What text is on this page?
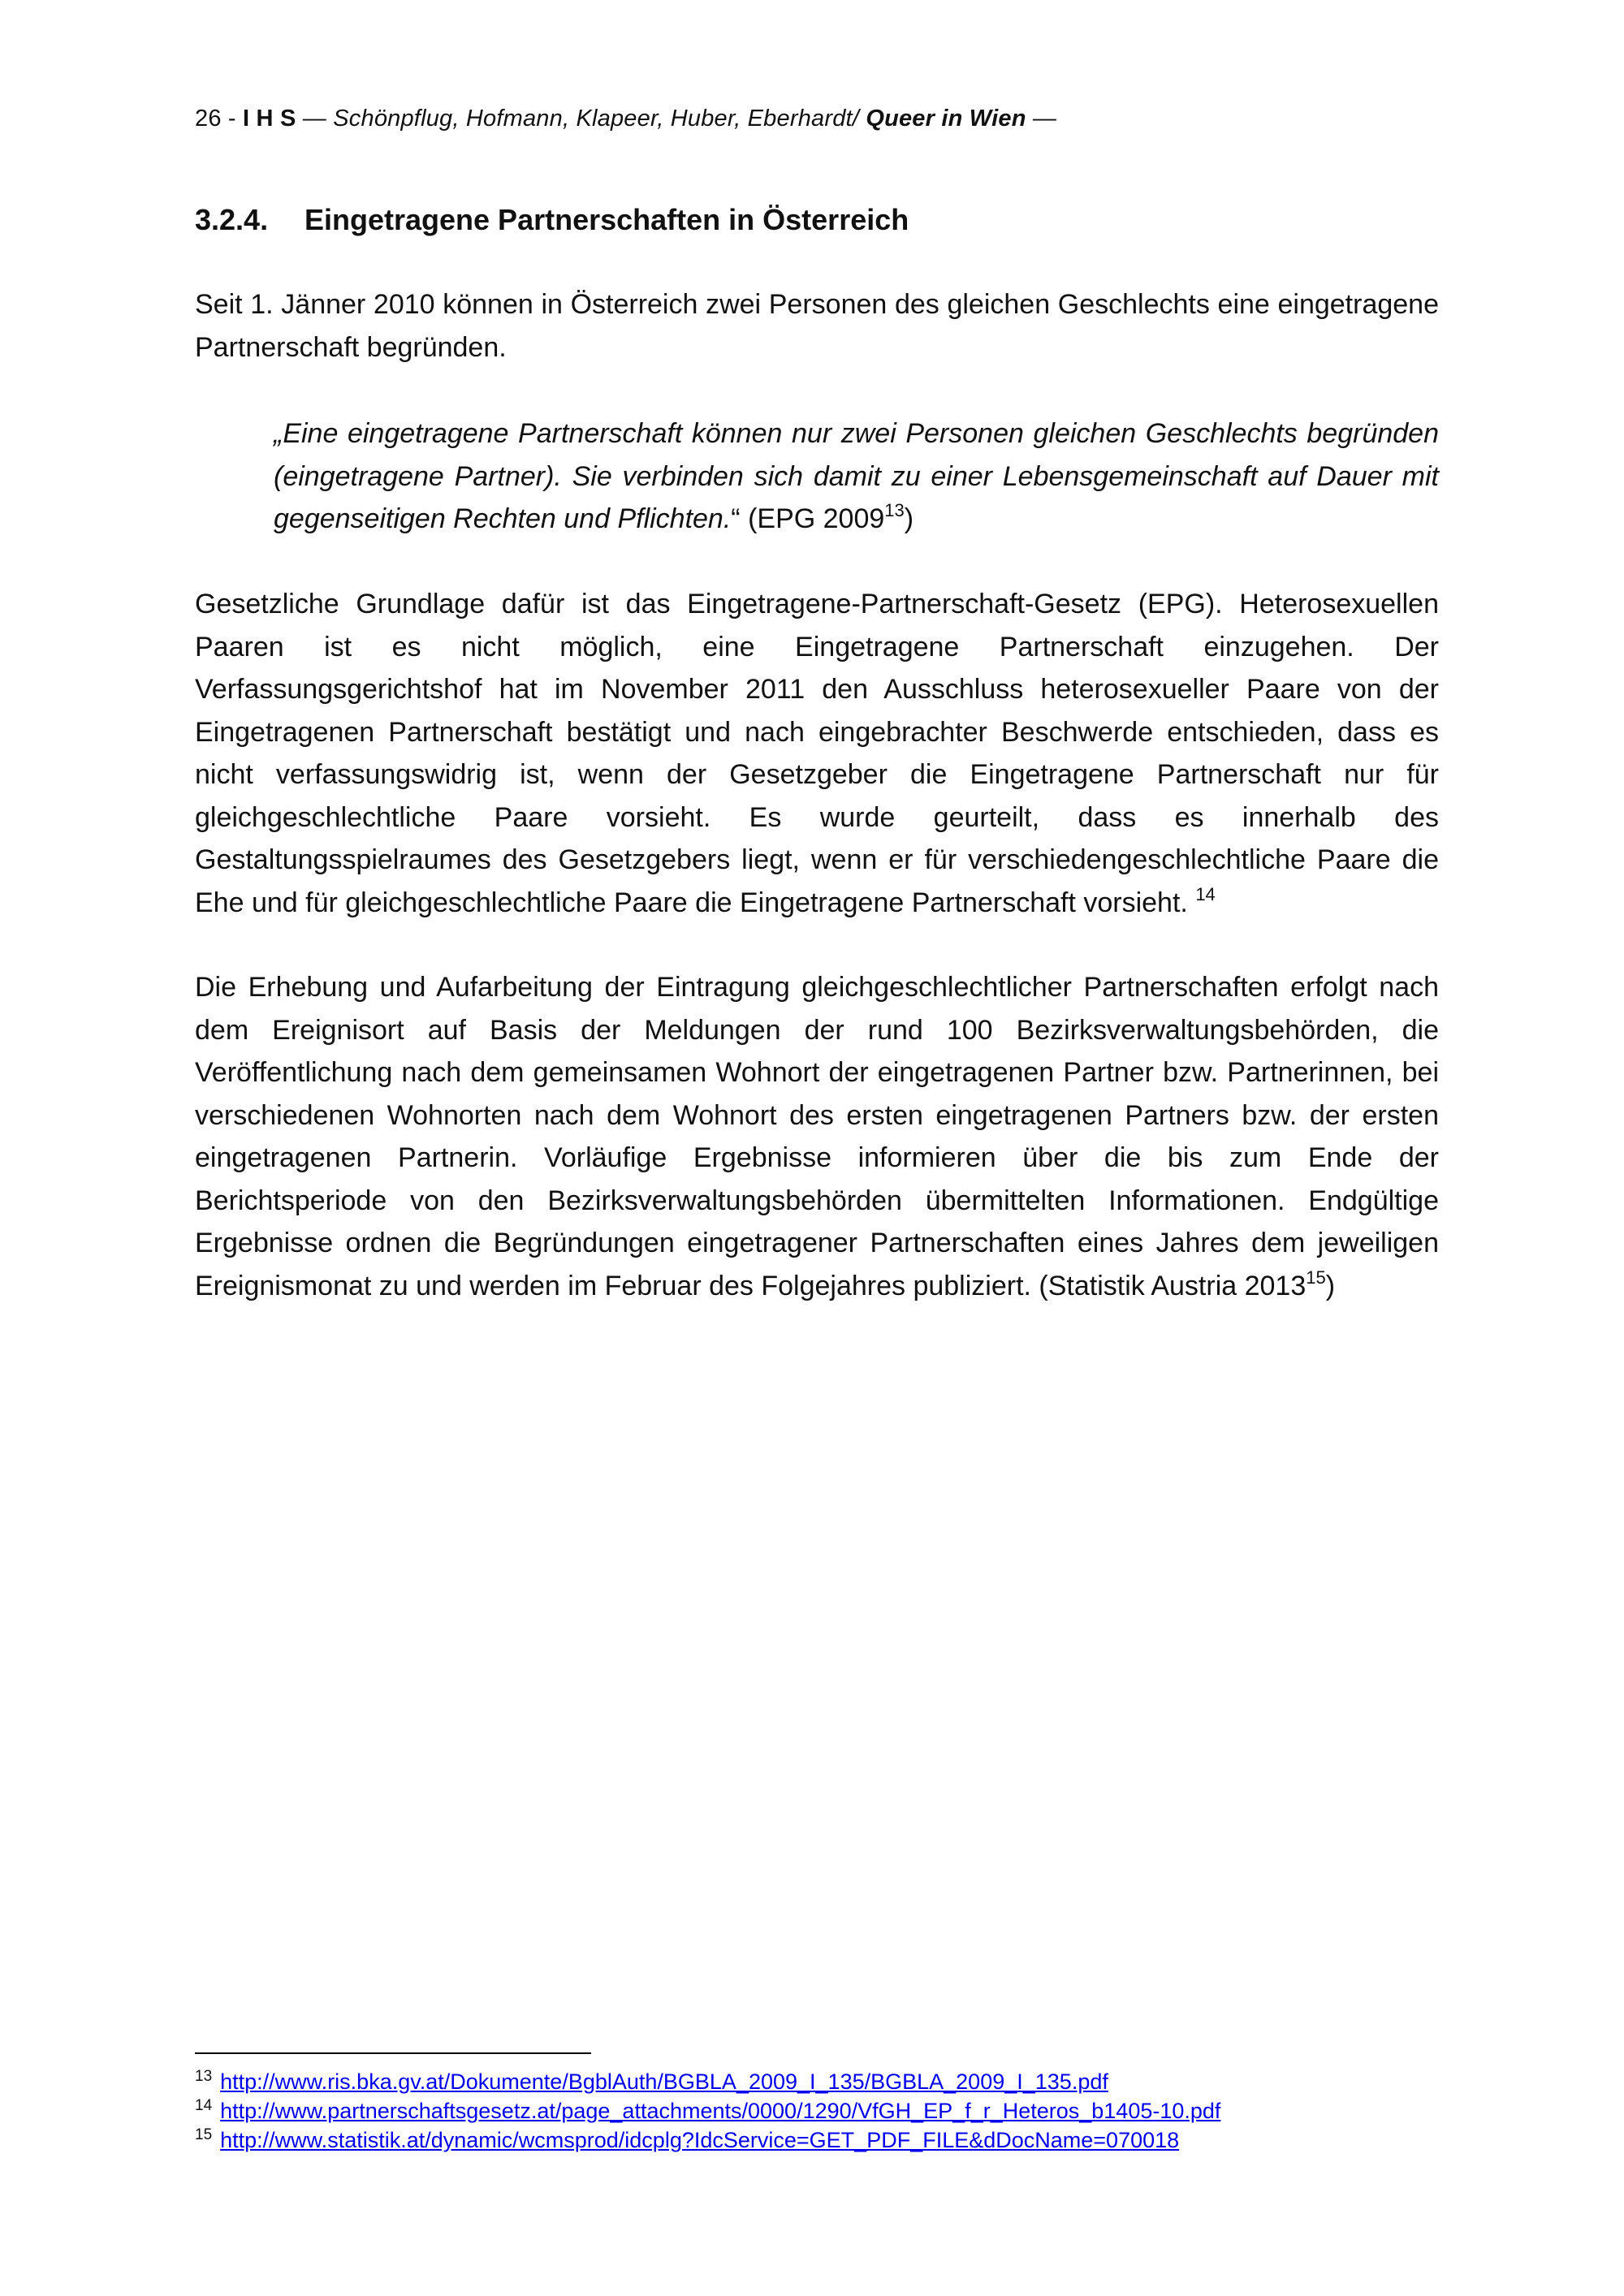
26 - I H S — Schönpflug, Hofmann, Klapeer, Huber, Eberhardt/ Queer in Wien —
3.2.4. Eingetragene Partnerschaften in Österreich
Seit 1. Jänner 2010 können in Österreich zwei Personen des gleichen Geschlechts eine eingetragene Partnerschaft begründen.
„Eine eingetragene Partnerschaft können nur zwei Personen gleichen Geschlechts begründen (eingetragene Partner). Sie verbinden sich damit zu einer Lebensgemeinschaft auf Dauer mit gegenseitigen Rechten und Pflichten.“ (EPG 2009$^{13}$)
Gesetzliche Grundlage dafür ist das Eingetragene-Partnerschaft-Gesetz (EPG). Heterosexuellen Paaren ist es nicht möglich, eine Eingetragene Partnerschaft einzugehen. Der Verfassungsgerichtshof hat im November 2011 den Ausschluss heterosexueller Paare von der Eingetragenen Partnerschaft bestätigt und nach eingebrachter Beschwerde entschieden, dass es nicht verfassungswidrig ist, wenn der Gesetzgeber die Eingetragene Partnerschaft nur für gleichgeschlechtliche Paare vorsieht. Es wurde geurteilt, dass es innerhalb des Gestaltungsspielraumes des Gesetzgebers liegt, wenn er für verschiedengeschlechtliche Paare die Ehe und für gleichgeschlechtliche Paare die Eingetragene Partnerschaft vorsieht. $^{14}$
Die Erhebung und Aufarbeitung der Eintragung gleichgeschlechtlicher Partnerschaften erfolgt nach dem Ereignisort auf Basis der Meldungen der rund 100 Bezirksverwaltungsbehörden, die Veröffentlichung nach dem gemeinsamen Wohnort der eingetragenen Partner bzw. Partnerinnen, bei verschiedenen Wohnorten nach dem Wohnort des ersten eingetragenen Partners bzw. der ersten eingetragenen Partnerin. Vorläufige Ergebnisse informieren über die bis zum Ende der Berichtsperiode von den Bezirksverwaltungsbehörden übermittelten Informationen. Endgültige Ergebnisse ordnen die Begründungen eingetragener Partnerschaften eines Jahres dem jeweiligen Ereignismonat zu und werden im Februar des Folgejahres publiziert. (Statistik Austria 2013$^{15}$)
$^{13}$ http://www.ris.bka.gv.at/Dokumente/BgblAuth/BGBLA_2009_I_135/BGBLA_2009_I_135.pdf
$^{14}$ http://www.partnerschaftsgesetz.at/page_attachments/0000/1290/VfGH_EP_f_r_Heteros_b1405-10.pdf
$^{15}$ http://www.statistik.at/dynamic/wcmsprod/idcplg?IdcService=GET_PDF_FILE&dDocName=070018
